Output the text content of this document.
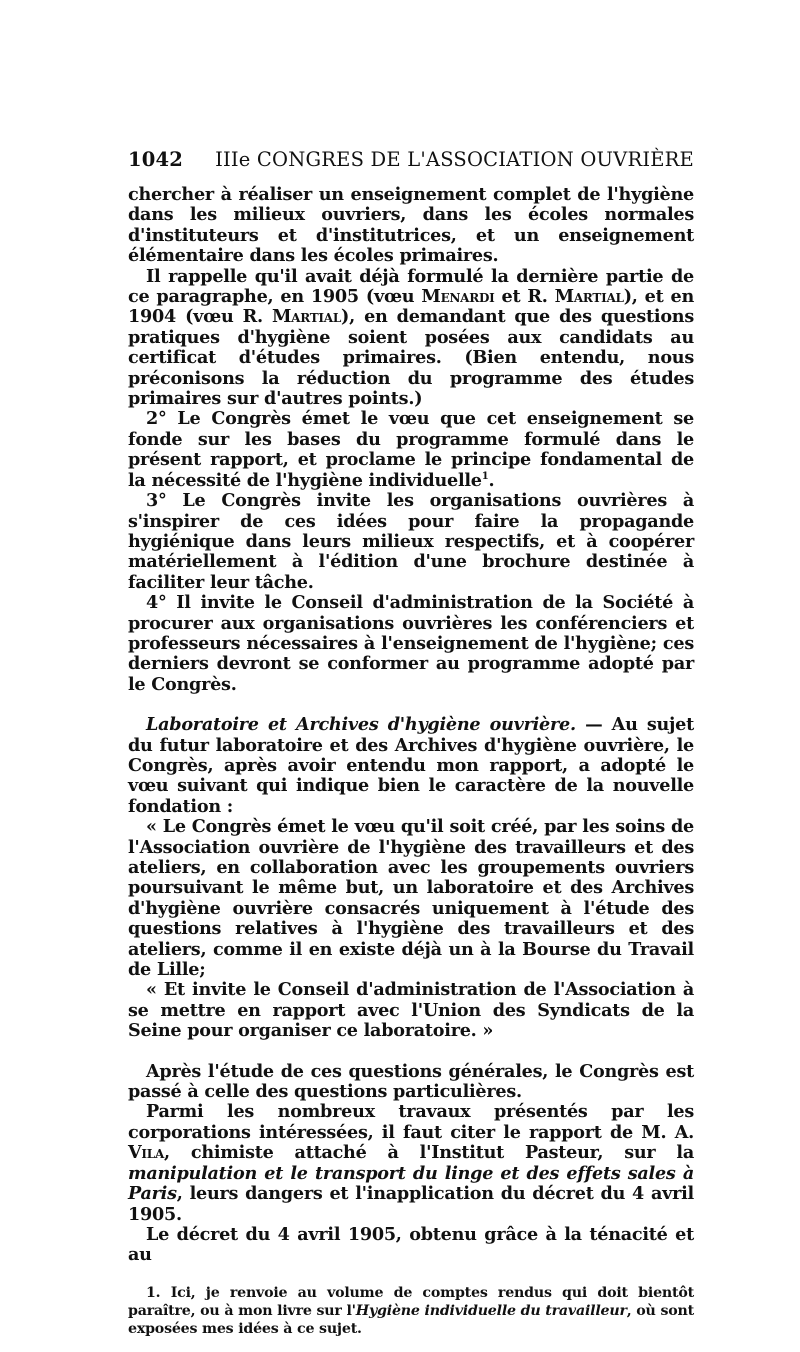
1042	IIIe CONGRES DE L'ASSOCIATION OUVRIÈRE

chercher à réaliser un enseignement complet de l'hygiène dans les milieux ouvriers, dans les écoles normales d'instituteurs et d'institutrices, et un enseignement élémentaire dans les écoles primaires.

Il rappelle qu'il avait déjà formulé la dernière partie de ce paragraphe, en 1905 (vœu Menardi et R. Martial), et en 1904 (vœu R. Martial), en demandant que des questions pratiques d'hygiène soient posées aux candidats au certificat d'études primaires. (Bien entendu, nous préconisons la réduction du programme des études primaires sur d'autres points.)

2° Le Congrès émet le vœu que cet enseignement se fonde sur les bases du programme formulé dans le présent rapport, et proclame le principe fondamental de la nécessité de l'hygiène individuelle$^1$.

3° Le Congrès invite les organisations ouvrières à s'inspirer de ces idées pour faire la propagande hygiénique dans leurs milieux respectifs, et à coopérer matériellement à l'édition d'une brochure destinée à faciliter leur tâche.

4° Il invite le Conseil d'administration de la Société à procurer aux organisations ouvrières les conférenciers et professeurs nécessaires à l'enseignement de l'hygiène; ces derniers devront se conformer au programme adopté par le Congrès.

Laboratoire et Archives d'hygiène ouvrière. — Au sujet du futur laboratoire et des Archives d'hygiène ouvrière, le Congrès, après avoir entendu mon rapport, a adopté le vœu suivant qui indique bien le caractère de la nouvelle fondation :

« Le Congrès émet le vœu qu'il soit créé, par les soins de l'Association ouvrière de l'hygiène des travailleurs et des ateliers, en collaboration avec les groupements ouvriers poursuivant le même but, un laboratoire et des Archives d'hygiène ouvrière consacrés uniquement à l'étude des questions relatives à l'hygiène des travailleurs et des ateliers, comme il en existe déjà un à la Bourse du Travail de Lille;

« Et invite le Conseil d'administration de l'Association à se mettre en rapport avec l'Union des Syndicats de la Seine pour organiser ce laboratoire. »

Après l'étude de ces questions générales, le Congrès est passé à celle des questions particulières.

Parmi les nombreux travaux présentés par les corporations intéressées, il faut citer le rapport de M. A. Vila, chimiste attaché à l'Institut Pasteur, sur la manipulation et le transport du linge et des effets sales à Paris, leurs dangers et l'inapplication du décret du 4 avril 1905.

Le décret du 4 avril 1905, obtenu grâce à la ténacité et au

1. Ici, je renvoie au volume de comptes rendus qui doit bientôt paraître, ou à mon livre sur l'Hygiène individuelle du travailleur, où sont exposées mes idées à ce sujet.
